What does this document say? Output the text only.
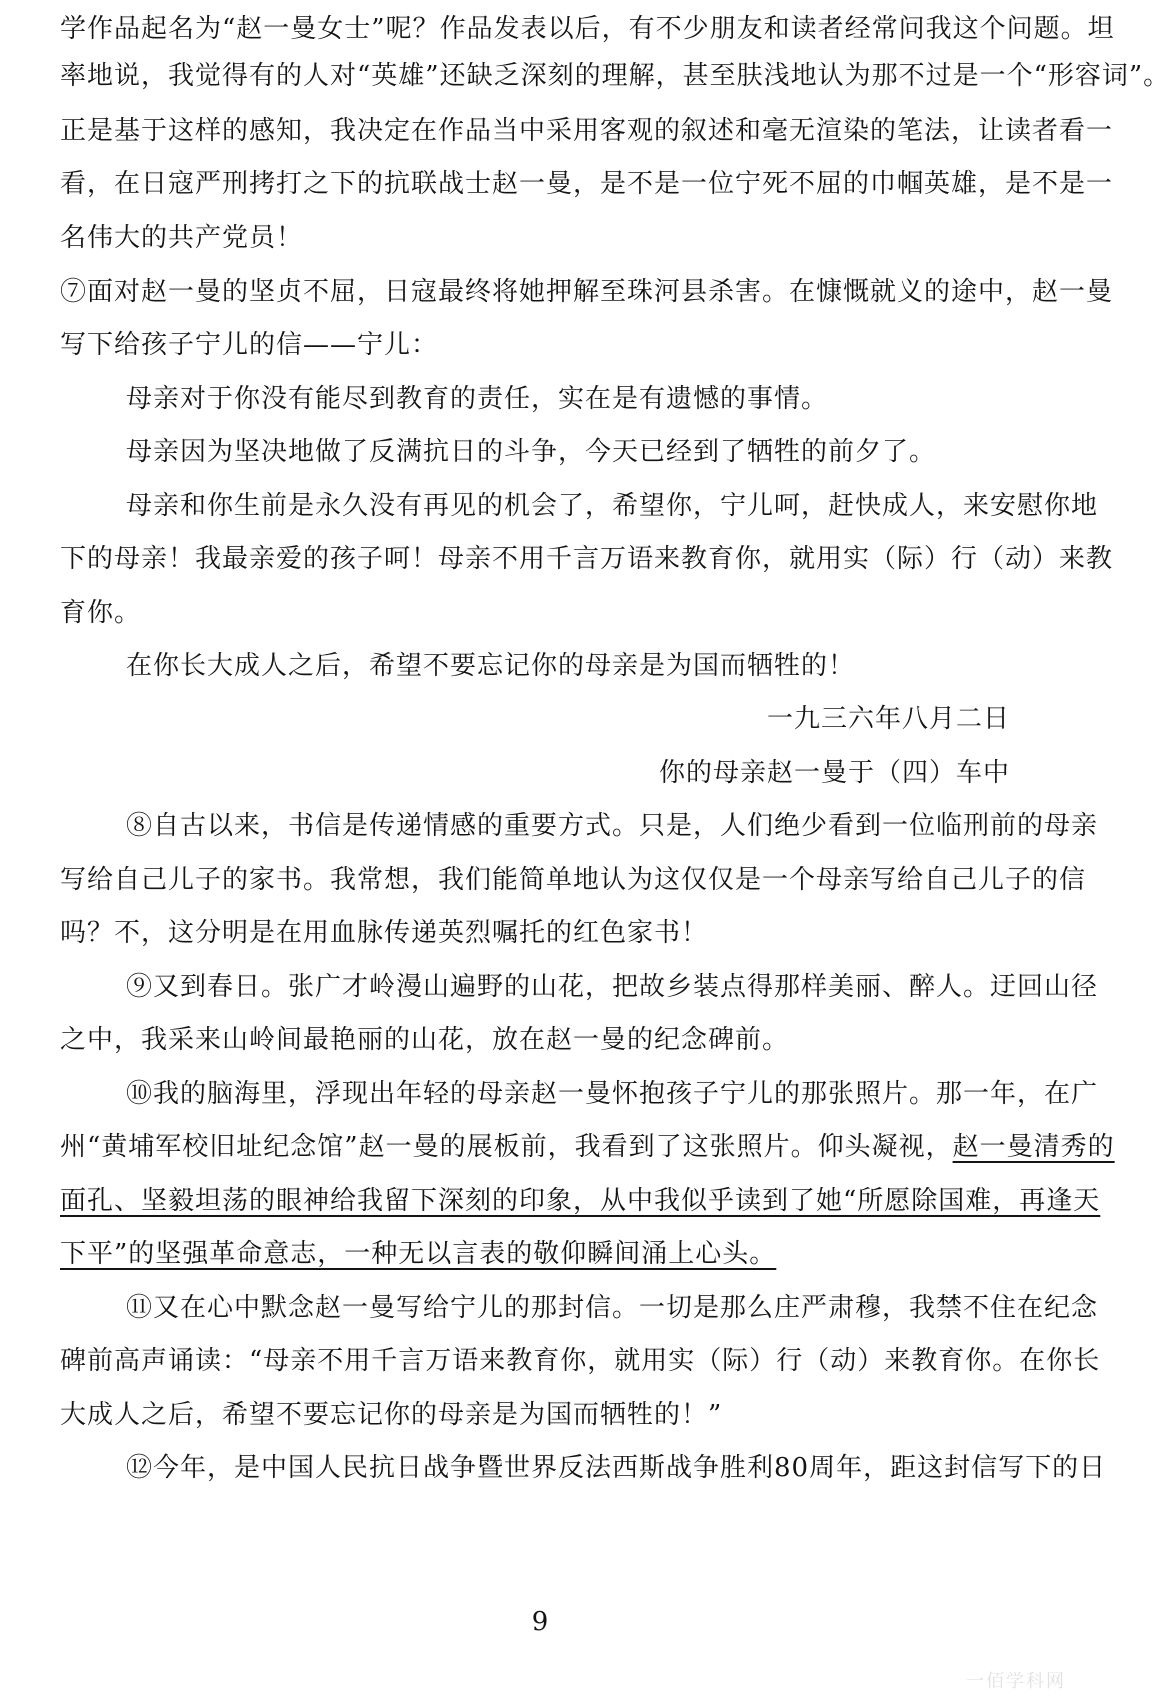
学作品起名为“赵一曼女士”呢？作品发表以后，有不少朋友和读者经常问我这个问题。坦
率地说，我觉得有的人对“英雄”还缺乏深刻的理解，甚至肤浅地认为那不过是一个“形容词”。
正是基于这样的感知，我决定在作品当中采用客观的叙述和毫无渲染的笔法，让读者看一
看，在日寇严刑拷打之下的抗联战士赵一曼，是不是一位宁死不屈的巾帼英雄，是不是一
名伟大的共产党员！
⑦面对赵一曼的坚贞不屈，日寇最终将她押解至珠河县杀害。在慷慨就义的途中，赵一曼
写下给孩子宁儿的信——宁儿：
母亲对于你没有能尽到教育的责任，实在是有遗憾的事情。
母亲因为坚决地做了反满抗日的斗争，今天已经到了牺牲的前夕了。
母亲和你生前是永久没有再见的机会了，希望你，宁儿呵，赶快成人，来安慰你地
下的母亲！我最亲爱的孩子呵！母亲不用千言万语来教育你，就用实（际）行（动）来教
育你。
在你长大成人之后，希望不要忘记你的母亲是为国而牺牲的！
一九三六年八月二日
你的母亲赵一曼于（四）车中
⑧自古以来，书信是传递情感的重要方式。只是，人们绝少看到一位临刑前的母亲
写给自己儿子的家书。我常想，我们能简单地认为这仅仅是一个母亲写给自己儿子的信
吗？不，这分明是在用血脉传递英烈嘱托的红色家书！
⑨又到春日。张广才岭漫山遍野的山花，把故乡装点得那样美丽、醉人。迂回山径
之中，我采来山岭间最艳丽的山花，放在赵一曼的纪念碑前。
⑩我的脑海里，浮现出年轻的母亲赵一曼怀抱孩子宁儿的那张照片。那一年，在广
州“黄埔军校旧址纪念馆”赵一曼的展板前，我看到了这张照片。仰头凝视，赵一曼清秀的
面孔、坚毅坦荡的眼神给我留下深刻的印象，从中我似乎读到了她“所愿除国难，再逢天
下平”的坚强革命意志，一种无以言表的敬仰瞬间涌上心头。
⑪又在心中默念赵一曼写给宁儿的那封信。一切是那么庄严肃穆，我禁不住在纪念
碑前高声诵读：“母亲不用千言万语来教育你，就用实（际）行（动）来教育你。在你长
大成人之后，希望不要忘记你的母亲是为国而牺牲的！”
⑫今年，是中国人民抗日战争暨世界反法西斯战争胜利80周年，距这封信写下的日
9
一佰学科网
